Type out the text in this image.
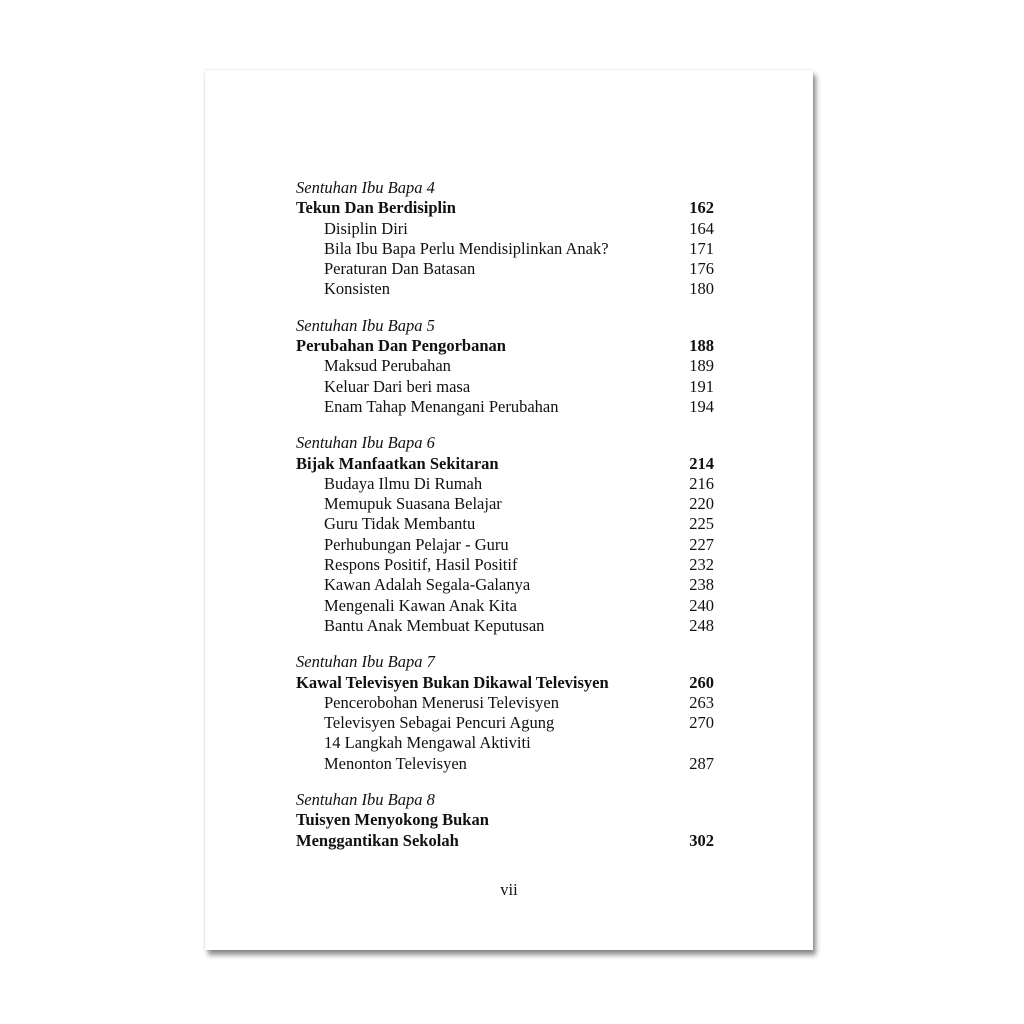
Sentuhan Ibu Bapa 4
Tekun Dan Berdisiplin	162
Disiplin Diri	164
Bila Ibu Bapa Perlu Mendisiplinkan Anak?	171
Peraturan Dan Batasan	176
Konsisten	180
Sentuhan Ibu Bapa 5
Perubahan Dan Pengorbanan	188
Maksud Perubahan	189
Keluar Dari beri masa	191
Enam Tahap Menangani Perubahan	194
Sentuhan Ibu Bapa 6
Bijak Manfaatkan Sekitaran	214
Budaya Ilmu Di Rumah	216
Memupuk Suasana Belajar	220
Guru Tidak Membantu	225
Perhubungan Pelajar - Guru	227
Respons Positif, Hasil Positif	232
Kawan Adalah Segala-Galanya	238
Mengenali Kawan Anak Kita	240
Bantu Anak Membuat Keputusan	248
Sentuhan Ibu Bapa 7
Kawal Televisyen Bukan Dikawal Televisyen	260
Pencerobohan Menerusi Televisyen	263
Televisyen Sebagai Pencuri Agung	270
14 Langkah Mengawal Aktiviti
Menonton Televisyen	287
Sentuhan Ibu Bapa 8
Tuisyen Menyokong Bukan
Menggantikan Sekolah	302
vii
